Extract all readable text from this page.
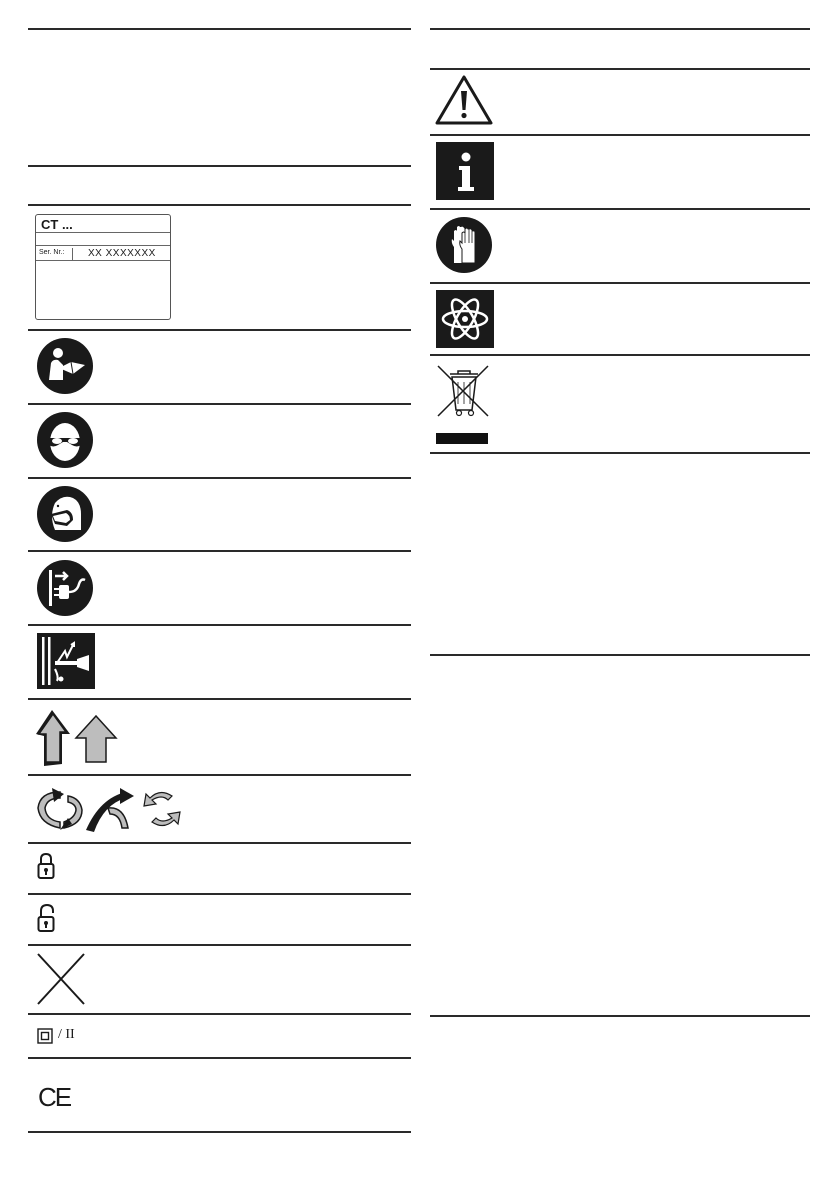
CT ...
Ser. Nr.: XX XXXXXXX
/ II
CE
